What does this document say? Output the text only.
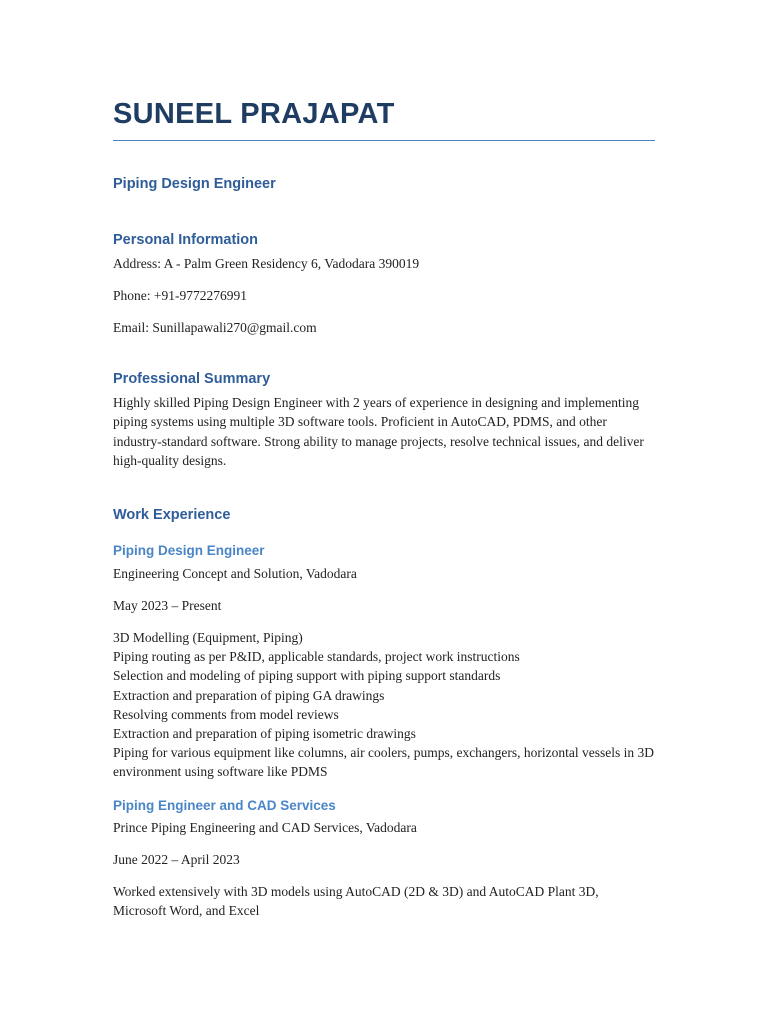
SUNEEL PRAJAPAT
Piping Design Engineer
Personal Information

Address: A - Palm Green Residency 6, Vadodara 390019

Phone: +91-9772276991

Email: Sunillapawali270@gmail.com

Professional Summary

Highly skilled Piping Design Engineer with 2 years of experience in designing and implementing piping systems using multiple 3D software tools. Proficient in AutoCAD, PDMS, and other industry-standard software. Strong ability to manage projects, resolve technical issues, and deliver high-quality designs.

Work Experience
Piping Design Engineer

Engineering Concept and Solution, Vadodara

May 2023 – Present

3D Modelling (Equipment, Piping)
Piping routing as per P&ID, applicable standards, project work instructions
Selection and modeling of piping support with piping support standards
Extraction and preparation of piping GA drawings
Resolving comments from model reviews
Extraction and preparation of piping isometric drawings
Piping for various equipment like columns, air coolers, pumps, exchangers, horizontal vessels in 3D environment using software like PDMS
Piping Engineer and CAD Services

Prince Piping Engineering and CAD Services, Vadodara

June 2022 – April 2023

Worked extensively with 3D models using AutoCAD (2D & 3D) and AutoCAD Plant 3D, Microsoft Word, and Excel
